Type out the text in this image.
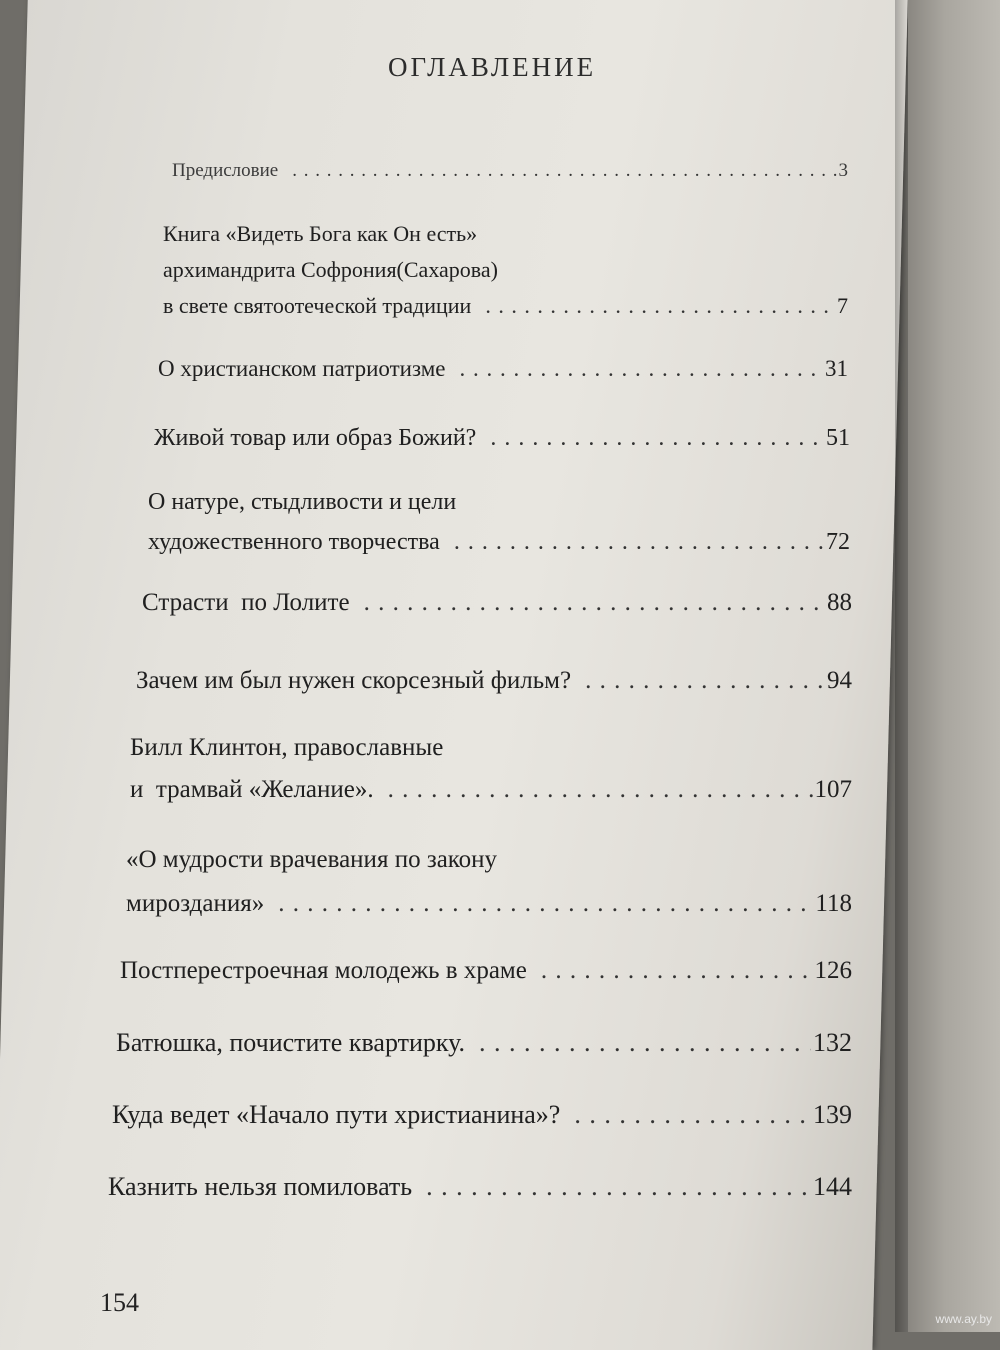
ОГЛАВЛЕНИЕ
Предисловие . . .	3
Книга «Видеть Бога как Он есть»
архимандрита Софрония(Сахарова)
в свете святоотеческой традиции . . .	7
О христианском патриотизме . . .	31
Живой товар или образ Божий? . . .	51
О натуре, стыдливости и цели
художественного творчества . . .	72
Страсти  по Лолите . . .	88
Зачем им был нужен скорсезный фильм? . . .	94
Билл Клинтон, православные
и  трамвай «Желание». . . .	107
«О мудрости врачевания по закону
мироздания» . . .	118
Постперестроечная молодежь в храме . . .	126
Батюшка, почистите квартирку. . . .	132
Куда ведет «Начало пути христианина»? . . .	139
Казнить нельзя помиловать . . .	144
154
www.ay.by
